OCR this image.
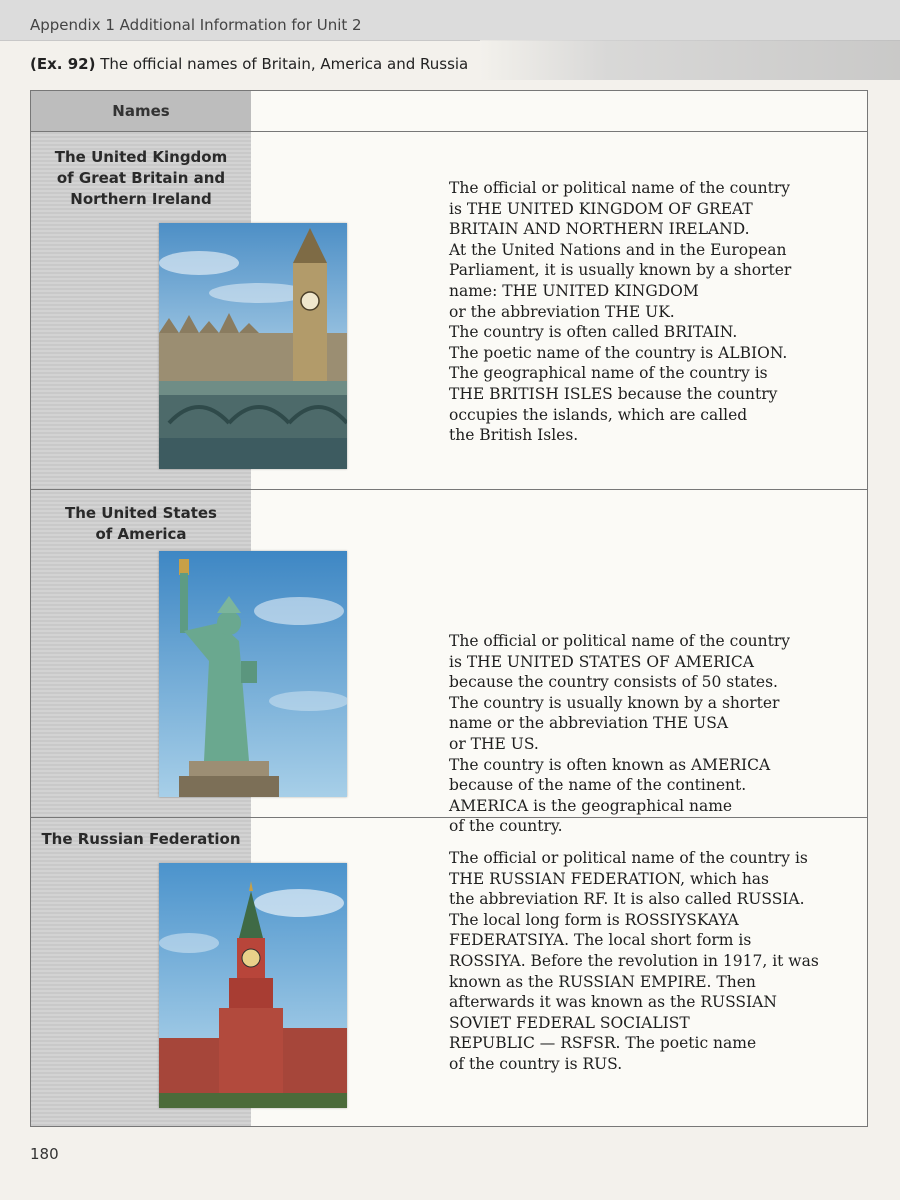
Appendix 1 Additional Information for Unit 2
(Ex. 92) The official names of Britain, America and Russia
Names
The United Kingdom
of Great Britain and
Northern Ireland
The official or political name of the country
is THE UNITED KINGDOM OF GREAT
BRITAIN AND NORTHERN IRELAND.
At the United Nations and in the European
Parliament, it is usually known by a shorter
name: THE UNITED KINGDOM
or the abbreviation THE UK.
The country is often called BRITAIN.
The poetic name of the country is ALBION.
The geographical name of the country is
THE BRITISH ISLES because the country
occupies the islands, which are called
the British Isles.
The United States
of America
The official or political name of the country
is THE UNITED STATES OF AMERICA
because the country consists of 50 states.
The country is usually known by a shorter
name or the abbreviation THE USA
or THE US.
The country is often known as AMERICA
because of the name of the continent.
AMERICA is the geographical name
of the country.
The Russian Federation
The official or political name of the country is
THE RUSSIAN FEDERATION, which has
the abbreviation RF. It is also called RUSSIA.
The local long form is ROSSIYSKAYA
FEDERATSIYA. The local short form is
ROSSIYA. Before the revolution in 1917, it was
known as the RUSSIAN EMPIRE. Then
afterwards it was known as the RUSSIAN
SOVIET FEDERAL SOCIALIST
REPUBLIC — RSFSR. The poetic name
of the country is RUS.
180
